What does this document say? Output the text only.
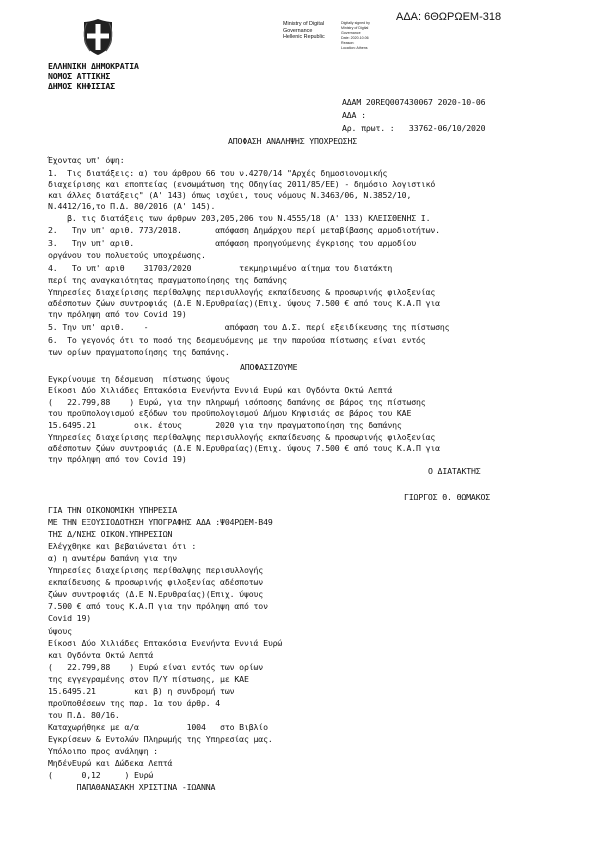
ΑΔΑ: 6ΘΩΡΩΕΜ-318
Ministry of Digital
Governance
Hellenic Republic
Digitally signed by
Ministry of Digital
Governance
Date: 2020.10.06
Reason:
Location: Athens
ΕΛΛΗΝΙΚΗ ΔΗΜΟΚΡΑΤΙΑ
ΝΟΜΟΣ ΑΤΤΙΚΗΣ
ΔΗΜΟΣ ΚΗΦΙΣΙΑΣ
ΑΔΑΜ 20REQ007430067 2020-10-06
ΑΔΑ :
Αρ. πρωτ. :   33762-06/10/2020
ΑΠΟΦΑΣΗ ΑΝΑΛΗΨΗΣ ΥΠΟΧΡΕΩΣΗΣ
Έχοντας υπ' όψη:
1.  Τις διατάξεις: α) του άρθρου 66 του ν.4270/14 "Αρχές δημοσιονομικής
διαχείρισης και εποπτείας (ενσωμάτωση της Οδηγίας 2011/85/ΕΕ) - δημόσιο λογιστικό
και άλλες διατάξεις" (Α' 143) όπως ισχύει, τους νόμους Ν.3463/06, Ν.3852/10,
Ν.4412/16,το Π.Δ. 80/2016 (Α' 145).
β. τις διατάξεις των άρθρων 203,205,206 του Ν.4555/18 (Α' 133) ΚΛΕΙΣΘΕΝΗΣ Ι.
2.   Την υπ' αριθ. 773/2018.       απόφαση Δημάρχου περί μεταβίβασης αρμοδιοτήτων.
3.   Την υπ' αριθ.                 απόφαση προηγούμενης έγκρισης του αρμοδίου
οργάνου του πολυετούς υποχρέωσης.
4.   Το υπ' αριθ    31703/2020          τεκμηριωμένο αίτημα του διατάκτη
περί της αναγκαιότητας πραγματοποίησης της δαπάνης
Υπηρεσίες διαχείρισης περίθαλψης περισυλλογής εκπαίδευσης & προσωρινής φιλοξενίας
αδέσποτων ζώων συντροφιάς (Δ.Ε Ν.Ερυθραίας)(Επιχ. ύψους 7.500 € από τους Κ.Α.Π για
την πρόληψη από τον Covid 19)
5. Την υπ' αριθ.    -                απόφαση του Δ.Σ. περί εξειδίκευσης της πίστωσης
6.  Το γεγονός ότι το ποσό της δεσμευόμενης με την παρούσα πίστωσης είναι εντός
των ορίων πραγματοποίησης της δαπάνης.
ΑΠΟΦΑΣΙΖΟΥΜΕ
Εγκρίνουμε τη δέσμευση  πίστωσης ύψους
Είκοσι Δύο Χιλιάδες Επτακόσια Ενενήντα Εννιά Ευρώ και Ογδόντα Οκτώ Λεπτά
(   22.799,88    ) Ευρώ, για την πληρωμή ισόποσης δαπάνης σε βάρος της πίστωσης
του προϋπολογισμού εξόδων του προϋπολογισμού Δήμου Κηφισιάς σε βάρος του ΚΑΕ
15.6495.21        οικ. έτους       2020 για την πραγματοποίηση της δαπάνης
Υπηρεσίες διαχείρισης περίθαλψης περισυλλογής εκπαίδευσης & προσωρινής φιλοξενίας
αδέσποτων ζώων συντροφιάς (Δ.Ε Ν.Ερυθραίας)(Επιχ. ύψους 7.500 € από τους Κ.Α.Π για
την πρόληψη από τον Covid 19)
Ο ΔΙΑΤΑΚΤΗΣ
ΓΙΩΡΓΟΣ Θ. ΘΩΜΑΚΟΣ
ΓΙΑ ΤΗΝ ΟΙΚΟΝΟΜΙΚΗ ΥΠΗΡΕΣΙΑ
ΜΕ ΤΗΝ ΕΞΟΥΣΙΟΔΟΤΗΣΗ ΥΠΟΓΡΑΦΗΣ ΑΔΑ :Ψ04ΡΩΕΜ-Β49
ΤΗΣ Δ/ΝΣΗΣ ΟΙΚΟΝ.ΥΠΗΡΕΣΙΩΝ
Ελέγχθηκε και βεβαιώνεται ότι :
α) η ανωτέρω δαπάνη για την
Υπηρεσίες διαχείρισης περίθαλψης περισυλλογής
εκπαίδευσης & προσωρινής φιλοξενίας αδέσποτων
ζώων συντροφιάς (Δ.Ε Ν.Ερυθραίας)(Επιχ. ύψους
7.500 € από τους Κ.Α.Π για την πρόληψη από τον
Covid 19)
ύψους
Είκοσι Δύο Χιλιάδες Επτακόσια Ενενήντα Εννιά Ευρώ
και Ογδόντα Οκτώ Λεπτά
(   22.799,88    ) Ευρώ είναι εντός των ορίων
της εγγεγραμένης στον Π/Υ πίστωσης, με ΚΑΕ
15.6495.21        και β) η συνδρομή των
προϋποθέσεων της παρ. 1α του άρθρ. 4
του Π.Δ. 80/16.
Καταχωρήθηκε με α/α          1004   στο Βιβλίο
Εγκρίσεων & Εντολών Πληρωμής της Υπηρεσίας μας.
Υπόλοιπο προς ανάληψη :
ΜηδένΕυρώ και Δώδεκα Λεπτά
(      0,12     ) Ευρώ
ΠΑΠΑΘΑΝΑΣΑΚΗ ΧΡΙΣΤΙΝΑ -ΙΩΑΝΝΑ
